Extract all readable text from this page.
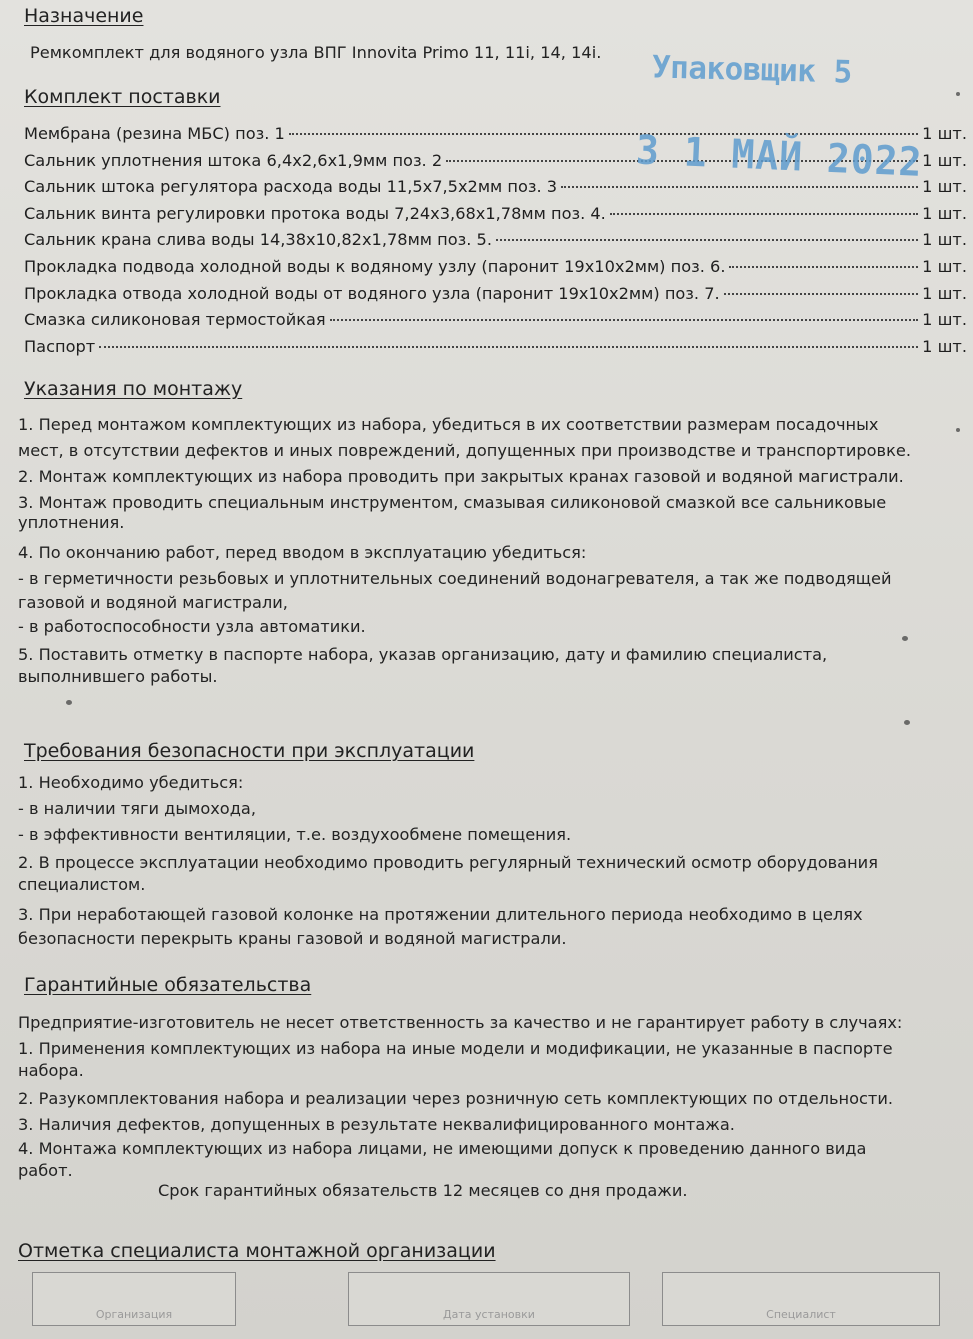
Назначение
Ремкомплект для водяного узла ВПГ Innovita Primo 11, 11i, 14, 14i. Упаковщик 5
Комплект поставки
Мембрана (резина МБС) поз. 1	1 шт.
Сальник уплотнения штока 6,4х2,6х1,9мм поз. 2	1 шт.
Сальник штока регулятора расхода воды 11,5х7,5х2мм поз. 3	1 шт.
Сальник винта регулировки протока воды 7,24х3,68х1,78мм поз. 4.	1 шт.
Сальник крана слива воды 14,38х10,82х1,78мм поз. 5.	1 шт.
Прокладка подвода холодной воды к водяному узлу (паронит 19х10х2мм) поз. 6.	1 шт.
Прокладка отвода холодной воды от водяного узла (паронит 19х10х2мм) поз. 7.	1 шт.
Смазка силиконовая термостойкая	1 шт.
Паспорт	1 шт.
3 1 МАЙ 2022
Указания по монтажу
1. Перед монтажом комплектующих из набора, убедиться в их соответствии размерам посадочных
мест, в отсутствии дефектов и иных повреждений, допущенных при производстве и транспортировке.
2. Монтаж комплектующих из набора проводить при закрытых кранах газовой и водяной магистрали.
3. Монтаж проводить специальным инструментом, смазывая силиконовой смазкой все сальниковые
уплотнения.
4. По окончанию работ, перед вводом в эксплуатацию убедиться:
- в герметичности резьбовых и уплотнительных соединений водонагревателя, а так же подводящей
газовой и водяной магистрали,
- в работоспособности узла автоматики.
5. Поставить отметку в паспорте набора, указав организацию, дату и фамилию специалиста,
выполнившего работы.
Требования безопасности при эксплуатации
1. Необходимо убедиться:
- в наличии тяги дымохода,
- в эффективности вентиляции, т.е. воздухообмене помещения.
2. В процессе эксплуатации необходимо проводить регулярный технический осмотр оборудования
специалистом.
3. При неработающей газовой колонке на протяжении длительного периода необходимо в целях
безопасности перекрыть краны газовой и водяной магистрали.
Гарантийные обязательства
Предприятие-изготовитель не несет ответственность за качество и не гарантирует работу в случаях:
1. Применения комплектующих из набора на иные модели и модификации, не указанные в паспорте
набора.
2. Разукомплектования набора и реализации через розничную сеть комплектующих по отдельности.
3. Наличия дефектов, допущенных в результате неквалифицированного монтажа.
4. Монтажа комплектующих из набора лицами, не имеющими допуск к проведению данного вида
работ.
Срок гарантийных обязательств 12 месяцев со дня продажи.
Отметка специалиста монтажной организации
Организация	Дата установки	Специалист
